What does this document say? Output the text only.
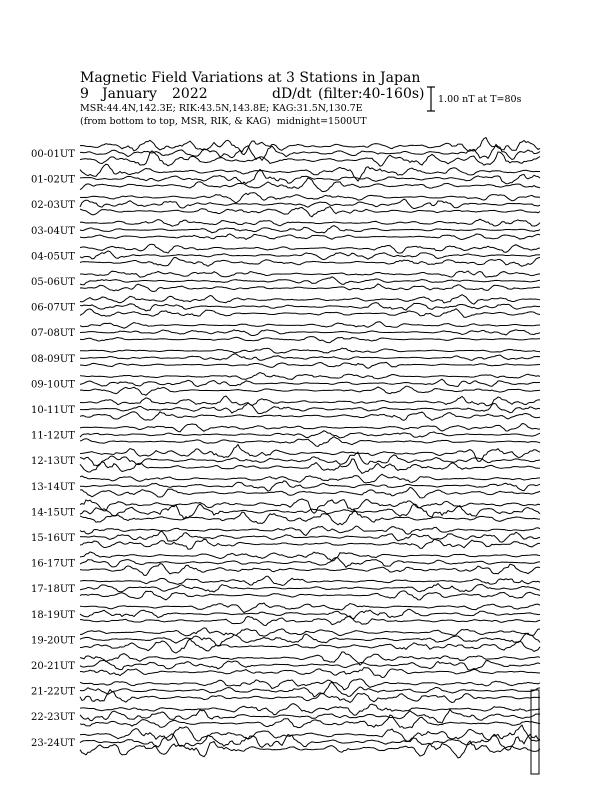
Magnetic Field Variations at 3 Stations in Japan
9 January 2022	dD/dt (filter:40-160s)
MSR:44.4N,142.3E; RIK:43.5N,143.8E; KAG:31.5N,130.7E
(from bottom to top, MSR, RIK, & KAG) midnight=1500UT
1.00 nT at T=80s
00-01UT
01-02UT
02-03UT
03-04UT
04-05UT
05-06UT
06-07UT
07-08UT
08-09UT
09-10UT
10-11UT
11-12UT
12-13UT
13-14UT
14-15UT
15-16UT
16-17UT
17-18UT
18-19UT
19-20UT
20-21UT
21-22UT
22-23UT
23-24UT
